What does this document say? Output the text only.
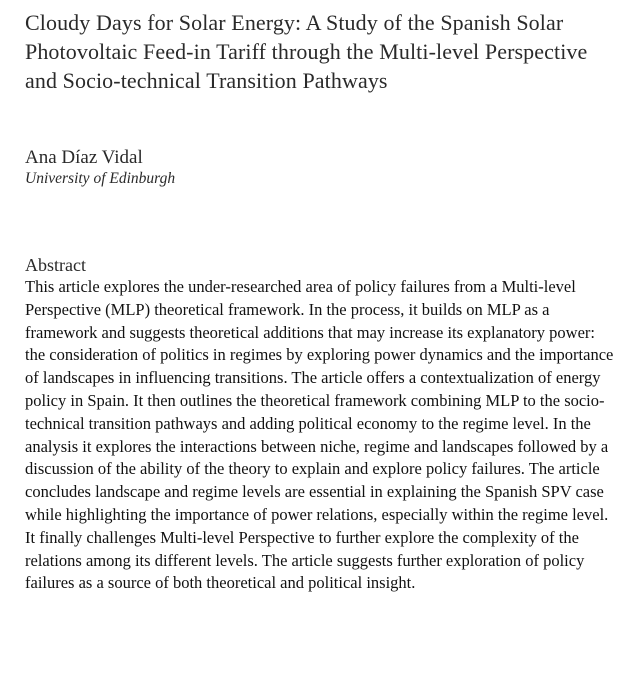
Cloudy Days for Solar Energy: A Study of the Spanish Solar Photovoltaic Feed-in Tariff through the Multi-level Perspective and Socio-technical Transition Pathways
Ana Díaz Vidal
University of Edinburgh
Abstract

This article explores the under-researched area of policy failures from a Multi-level Perspective (MLP) theoretical framework. In the process, it builds on MLP as a framework and suggests theoretical additions that may increase its explanatory power: the consideration of politics in regimes by exploring power dynamics and the importance of landscapes in influencing transitions. The article offers a contextualization of energy policy in Spain. It then outlines the theoretical framework combining MLP to the socio-technical transition pathways and adding political economy to the regime level. In the analysis it explores the interactions between niche, regime and landscapes followed by a discussion of the ability of the theory to explain and explore policy failures. The article concludes landscape and regime levels are essential in explaining the Spanish SPV case while highlighting the importance of power relations, especially within the regime level. It finally challenges Multi-level Perspective to further explore the complexity of the relations among its different levels. The article suggests further exploration of policy failures as a source of both theoretical and political insight.
